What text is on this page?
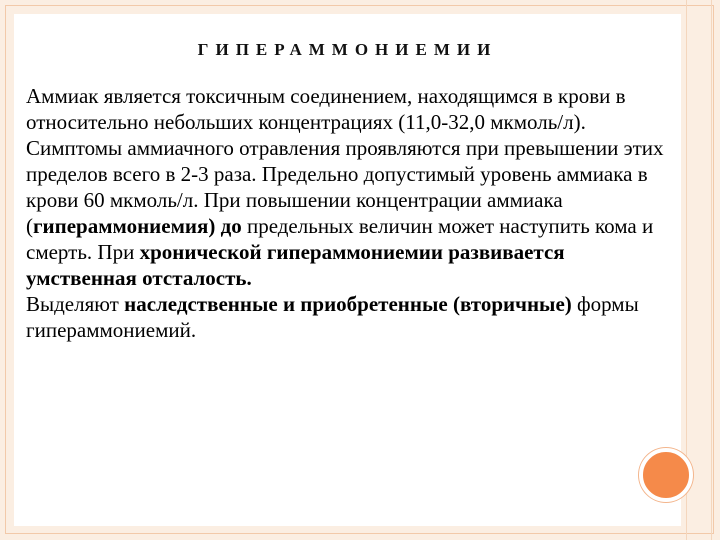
ГИПЕРАММОНИЕМИИ

Аммиак является токсичным соединением, находящимся в крови в относительно небольших концентрациях (11,0-32,0 мкмоль/л). Симптомы аммиачного отравления проявляются при превышении этих пределов всего в 2-3 раза. Предельно допустимый уровень аммиака в крови 60 мкмоль/л. При повышении концентрации аммиака (гипераммониемия) до предельных величин может наступить кома и смерть. При хронической гипераммониемии развивается умственная отсталость.
Выделяют наследственные и приобретенные (вторичные) формы гипераммониемий.
